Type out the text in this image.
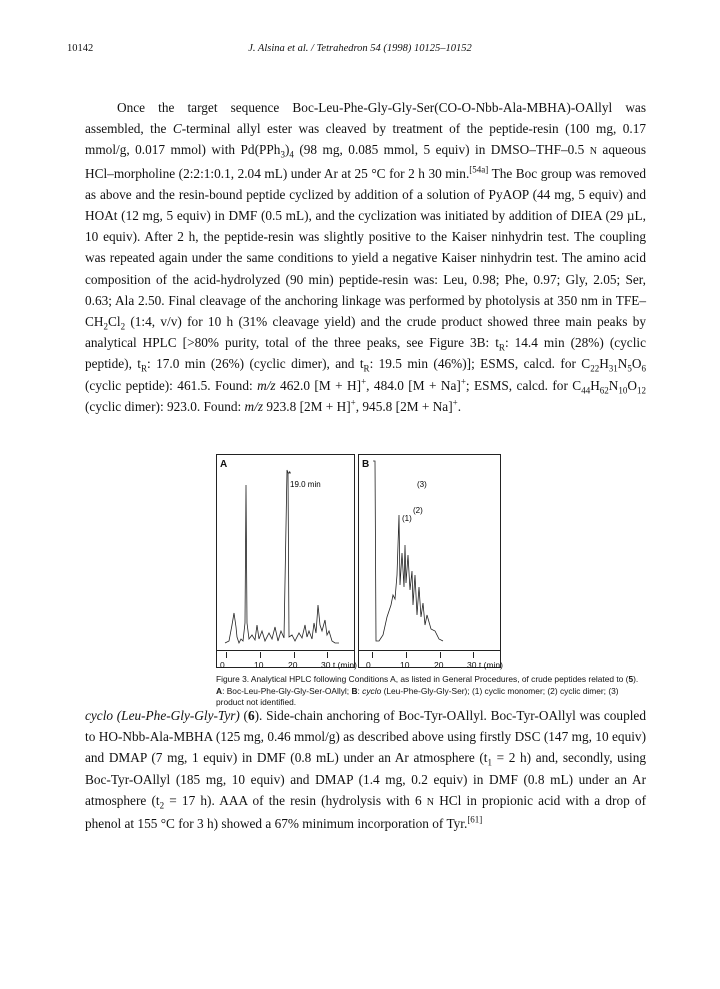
10142	J. Alsina et al. / Tetrahedron 54 (1998) 10125–10152

Once the target sequence Boc-Leu-Phe-Gly-Gly-Ser(CO-O-Nbb-Ala-MBHA)-OAllyl was assembled, the C-terminal allyl ester was cleaved by treatment of the peptide-resin (100 mg, 0.17 mmol/g, 0.017 mmol) with $Pd(PPh_3)_4$ (98 mg, 0.085 mmol, 5 equiv) in DMSO–THF–0.5 N aqueous HCl–morpholine (2:2:1:0.1, 2.04 mL) under Ar at 25 °C for 2 h 30 min.[54a] The Boc group was removed as above and the resin-bound peptide cyclized by addition of a solution of PyAOP (44 mg, 5 equiv) and HOAt (12 mg, 5 equiv) in DMF (0.5 mL), and the cyclization was initiated by addition of DIEA (29 µL, 10 equiv). After 2 h, the peptide-resin was slightly positive to the Kaiser ninhydrin test. The coupling was repeated again under the same conditions to yield a negative Kaiser ninhydrin test. The amino acid composition of the acid-hydrolyzed (90 min) peptide-resin was: Leu, 0.98; Phe, 0.97; Gly, 2.05; Ser, 0.63; Ala 2.50. Final cleavage of the anchoring linkage was performed by photolysis at 350 nm in TFE–$CH_2Cl_2$ (1:4, v/v) for 10 h (31% cleavage yield) and the crude product showed three main peaks by analytical HPLC [>80% purity, total of the three peaks, see Figure 3B: $t_R$: 14.4 min (28%) (cyclic peptide), $t_R$: 17.0 min (26%) (cyclic dimer), and $t_R$: 19.5 min (46%)]; ESMS, calcd. for $C_{22}H_{31}N_5O_6$ (cyclic peptide): 461.5. Found: m/z 462.0 [M + H]+, 484.0 [M + Na]+; ESMS, calcd. for $C_{44}H_{62}N_{10}O_{12}$ (cyclic dimer): 923.0. Found: m/z 923.8 [2M + H]+, 945.8 [2M + Na]+.

A
*
19.0 min
B
(3)
(2)
(1)
0	10	20	30 t (min) 0	10	20	30 t (min)

Figure 3. Analytical HPLC following Conditions A, as listed in General Procedures, of crude peptides related to (5). A: Boc-Leu-Phe-Gly-Gly-Ser-OAllyl; B: cyclo (Leu-Phe-Gly-Gly-Ser); (1) cyclic monomer; (2) cyclic dimer; (3) product not identified.

cyclo (Leu-Phe-Gly-Gly-Tyr) (6). Side-chain anchoring of Boc-Tyr-OAllyl. Boc-Tyr-OAllyl was coupled to HO-Nbb-Ala-MBHA (125 mg, 0.46 mmol/g) as described above using firstly DSC (147 mg, 10 equiv) and DMAP (7 mg, 1 equiv) in DMF (0.8 mL) under an Ar atmosphere ($t_1 = 2$ h) and, secondly, using Boc-Tyr-OAllyl (185 mg, 10 equiv) and DMAP (1.4 mg, 0.2 equiv) in DMF (0.8 mL) under an Ar atmosphere ($t_2 = 17$ h). AAA of the resin (hydrolysis with 6 N HCl in propionic acid with a drop of phenol at 155 °C for 3 h) showed a 67% minimum incorporation of Tyr.[61]
